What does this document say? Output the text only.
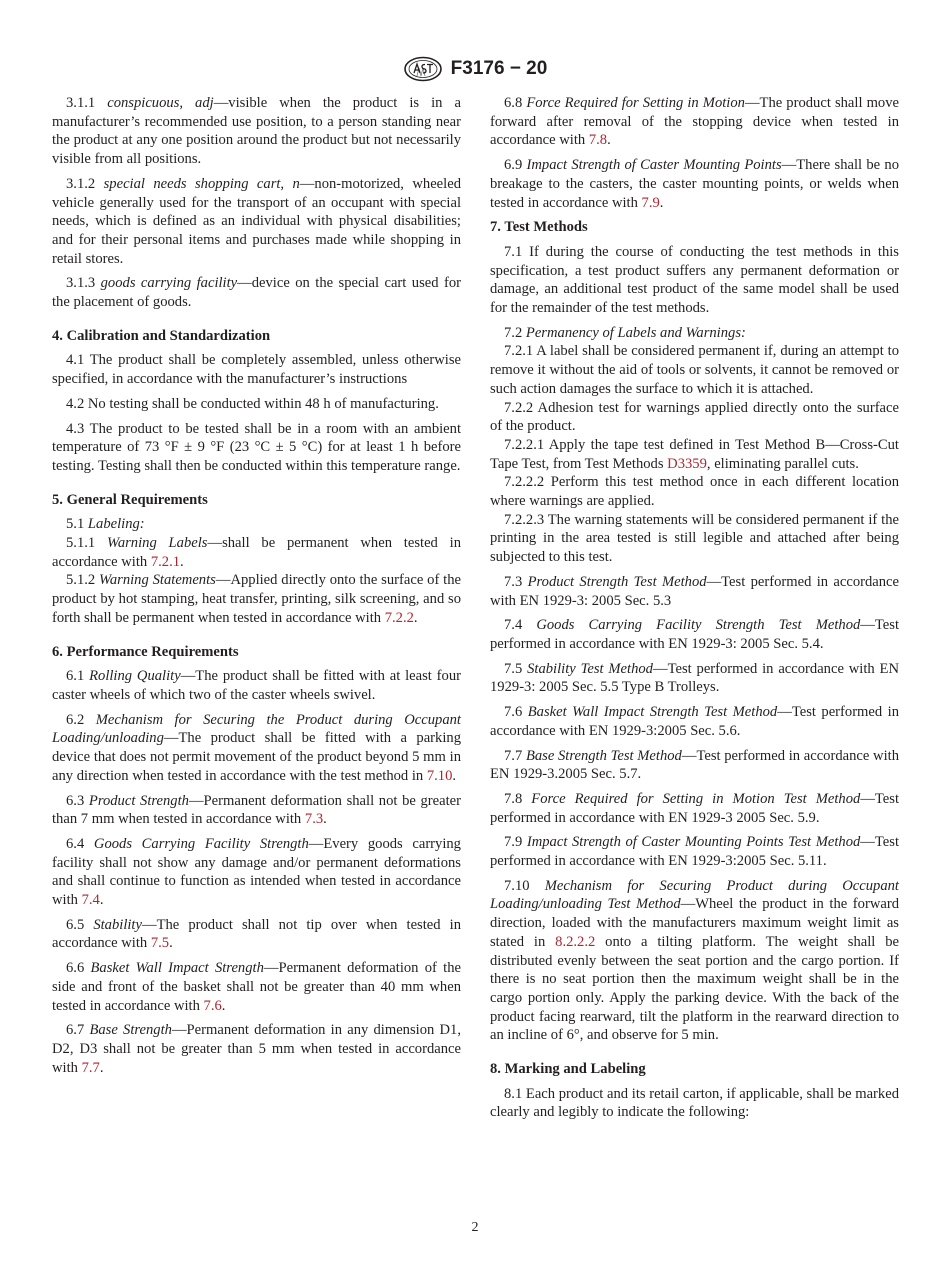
F3176 − 20

3.1.1 conspicuous, adj—visible when the product is in a manufacturer’s recommended use position, to a person standing near the product at any one position around the product but not necessarily visible from all positions.

3.1.2 special needs shopping cart, n—non-motorized, wheeled vehicle generally used for the transport of an occupant with special needs, which is defined as an individual with physical disabilities; and for their personal items and purchases made while shopping in retail stores.

3.1.3 goods carrying facility—device on the special cart used for the placement of goods.

4. Calibration and Standardization

4.1 The product shall be completely assembled, unless otherwise specified, in accordance with the manufacturer’s instructions

4.2 No testing shall be conducted within 48 h of manufacturing.

4.3 The product to be tested shall be in a room with an ambient temperature of 73 °F ± 9 °F (23 °C ± 5 °C) for at least 1 h before testing. Testing shall then be conducted within this temperature range.

5. General Requirements

5.1 Labeling:

5.1.1 Warning Labels—shall be permanent when tested in accordance with 7.2.1.

5.1.2 Warning Statements—Applied directly onto the surface of the product by hot stamping, heat transfer, printing, silk screening, and so forth shall be permanent when tested in accordance with 7.2.2.

6. Performance Requirements

6.1 Rolling Quality—The product shall be fitted with at least four caster wheels of which two of the caster wheels swivel.

6.2 Mechanism for Securing the Product during Occupant Loading/unloading—The product shall be fitted with a parking device that does not permit movement of the product beyond 5 mm in any direction when tested in accordance with the test method in 7.10.

6.3 Product Strength—Permanent deformation shall not be greater than 7 mm when tested in accordance with 7.3.

6.4 Goods Carrying Facility Strength—Every goods carrying facility shall not show any damage and/or permanent deformations and shall continue to function as intended when tested in accordance with 7.4.

6.5 Stability—The product shall not tip over when tested in accordance with 7.5.

6.6 Basket Wall Impact Strength—Permanent deformation of the side and front of the basket shall not be greater than 40 mm when tested in accordance with 7.6.

6.7 Base Strength—Permanent deformation in any dimension D1, D2, D3 shall not be greater than 5 mm when tested in accordance with 7.7.

6.8 Force Required for Setting in Motion—The product shall move forward after removal of the stopping device when tested in accordance with 7.8.

6.9 Impact Strength of Caster Mounting Points—There shall be no breakage to the casters, the caster mounting points, or welds when tested in accordance with 7.9.

7. Test Methods

7.1 If during the course of conducting the test methods in this specification, a test product suffers any permanent deformation or damage, an additional test product of the same model shall be used for the remainder of the test methods.

7.2 Permanency of Labels and Warnings:

7.2.1 A label shall be considered permanent if, during an attempt to remove it without the aid of tools or solvents, it cannot be removed or such action damages the surface to which it is attached.

7.2.2 Adhesion test for warnings applied directly onto the surface of the product.

7.2.2.1 Apply the tape test defined in Test Method B—Cross-Cut Tape Test, from Test Methods D3359, eliminating parallel cuts.

7.2.2.2 Perform this test method once in each different location where warnings are applied.

7.2.2.3 The warning statements will be considered permanent if the printing in the area tested is still legible and attached after being subjected to this test.

7.3 Product Strength Test Method—Test performed in accordance with EN 1929-3: 2005 Sec. 5.3

7.4 Goods Carrying Facility Strength Test Method—Test performed in accordance with EN 1929-3: 2005 Sec. 5.4.

7.5 Stability Test Method—Test performed in accordance with EN 1929-3: 2005 Sec. 5.5 Type B Trolleys.

7.6 Basket Wall Impact Strength Test Method—Test performed in accordance with EN 1929-3:2005 Sec. 5.6.

7.7 Base Strength Test Method—Test performed in accordance with EN 1929-3.2005 Sec. 5.7.

7.8 Force Required for Setting in Motion Test Method—Test performed in accordance with EN 1929-3 2005 Sec. 5.9.

7.9 Impact Strength of Caster Mounting Points Test Method—Test performed in accordance with EN 1929-3:2005 Sec. 5.11.

7.10 Mechanism for Securing Product during Occupant Loading/unloading Test Method—Wheel the product in the forward direction, loaded with the manufacturers maximum weight limit as stated in 8.2.2.2 onto a tilting platform. The weight shall be distributed evenly between the seat portion and the cargo portion. If there is no seat portion then the maximum weight shall be in the cargo portion only. Apply the parking device. With the back of the product facing rearward, tilt the platform in the rearward direction to an incline of 6°, and observe for 5 min.

8. Marking and Labeling

8.1 Each product and its retail carton, if applicable, shall be marked clearly and legibly to indicate the following:

2
